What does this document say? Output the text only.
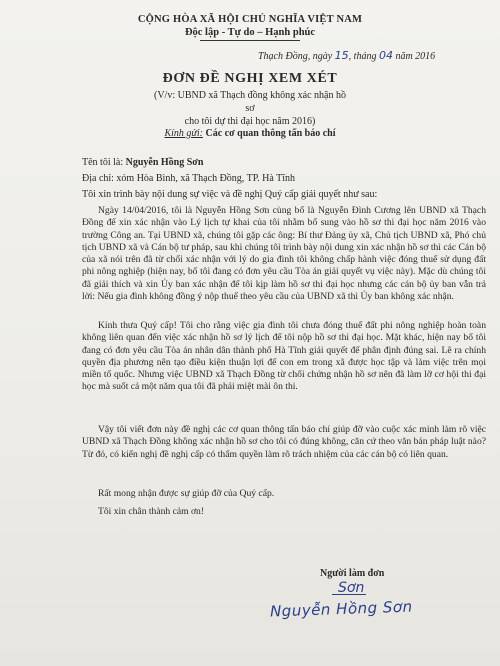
CỘNG HÒA XÃ HỘI CHỦ NGHĨA VIỆT NAM
Độc lập - Tự do – Hạnh phúc
Thạch Đồng, ngày 15, tháng 04 năm 2016
ĐƠN ĐỀ NGHỊ XEM XÉT
(V/v: UBND xã Thạch đồng không xác nhận hồ sơ
cho tôi dự thi đại học năm 2016)
Kính gửi: Các cơ quan thông tấn báo chí
Tên tôi là: Nguyễn Hồng Sơn
Địa chỉ: xóm Hòa Bình, xã Thạch Đồng, TP. Hà Tĩnh
Tôi xin trình bày nội dung sự việc và đề nghị Quý cấp giải quyết như sau:
Ngày 14/04/2016, tôi là Nguyễn Hồng Sơn cùng bố là Nguyễn Đình Cương lên UBND xã Thạch Đồng để xin xác nhận vào Lý lịch tự khai của tôi nhằm bổ sung vào hồ sơ thi đại học năm 2016 vào trường Công an. Tại UBND xã, chúng tôi gặp các ông: Bí thư Đảng ủy xã, Chủ tịch UBND xã, Phó chủ tịch UBND xã và Cán bộ tư pháp, sau khi chúng tôi trình bày nội dung xin xác nhận hồ sơ thì các Cán bộ của xã nói trên đã từ chối xác nhận với lý do gia đình tôi không chấp hành việc đóng thuế sử dụng đất phi nông nghiệp (hiện nay, bố tôi đang có đơn yêu cầu Tòa án giải quyết vụ việc này). Mặc dù chúng tôi đã giải thích và xin Ủy ban xác nhận để tôi kịp làm hồ sơ thi đại học nhưng các cán bộ ủy ban vẫn trả lời: Nếu gia đình không đồng ý nộp thuế theo yêu cầu của UBND xã thì Ủy ban không xác nhận.
Kính thưa Quý cấp! Tôi cho rằng việc gia đình tôi chưa đóng thuế đất phi nông nghiệp hoàn toàn không liên quan đến việc xác nhận hồ sơ lý lịch để tôi nộp hồ sơ thi đại học. Mặt khác, hiện nay bố tôi đang có đơn yêu cầu Tòa án nhân dân thành phố Hà Tĩnh giải quyết để phân định đúng sai. Lẽ ra chính quyền địa phương nên tạo điều kiện thuận lợi để con em trong xã được học tập và làm việc trên mọi miền tổ quốc. Nhưng việc UBND xã Thạch Đồng từ chối chứng nhận hồ sơ nên đã làm lỡ cơ hội thi đại học mà suốt cả một năm qua tôi đã phải miệt mài ôn thi.
Vậy tôi viết đơn này đề nghị các cơ quan thông tấn báo chí giúp đỡ vào cuộc xác minh làm rõ việc UBND xã Thạch Đồng không xác nhận hồ sơ cho tôi có đúng không, căn cứ theo văn bản pháp luật nào? Từ đó, có kiến nghị đề nghị cấp có thẩm quyền làm rõ trách nhiệm của các cán bộ có liên quan.
Rất mong nhận được sự giúp đỡ của Quý cấp.
Tôi xin chân thành cảm ơn!
Người làm đơn
Sơn
Nguyễn Hồng Sơn
